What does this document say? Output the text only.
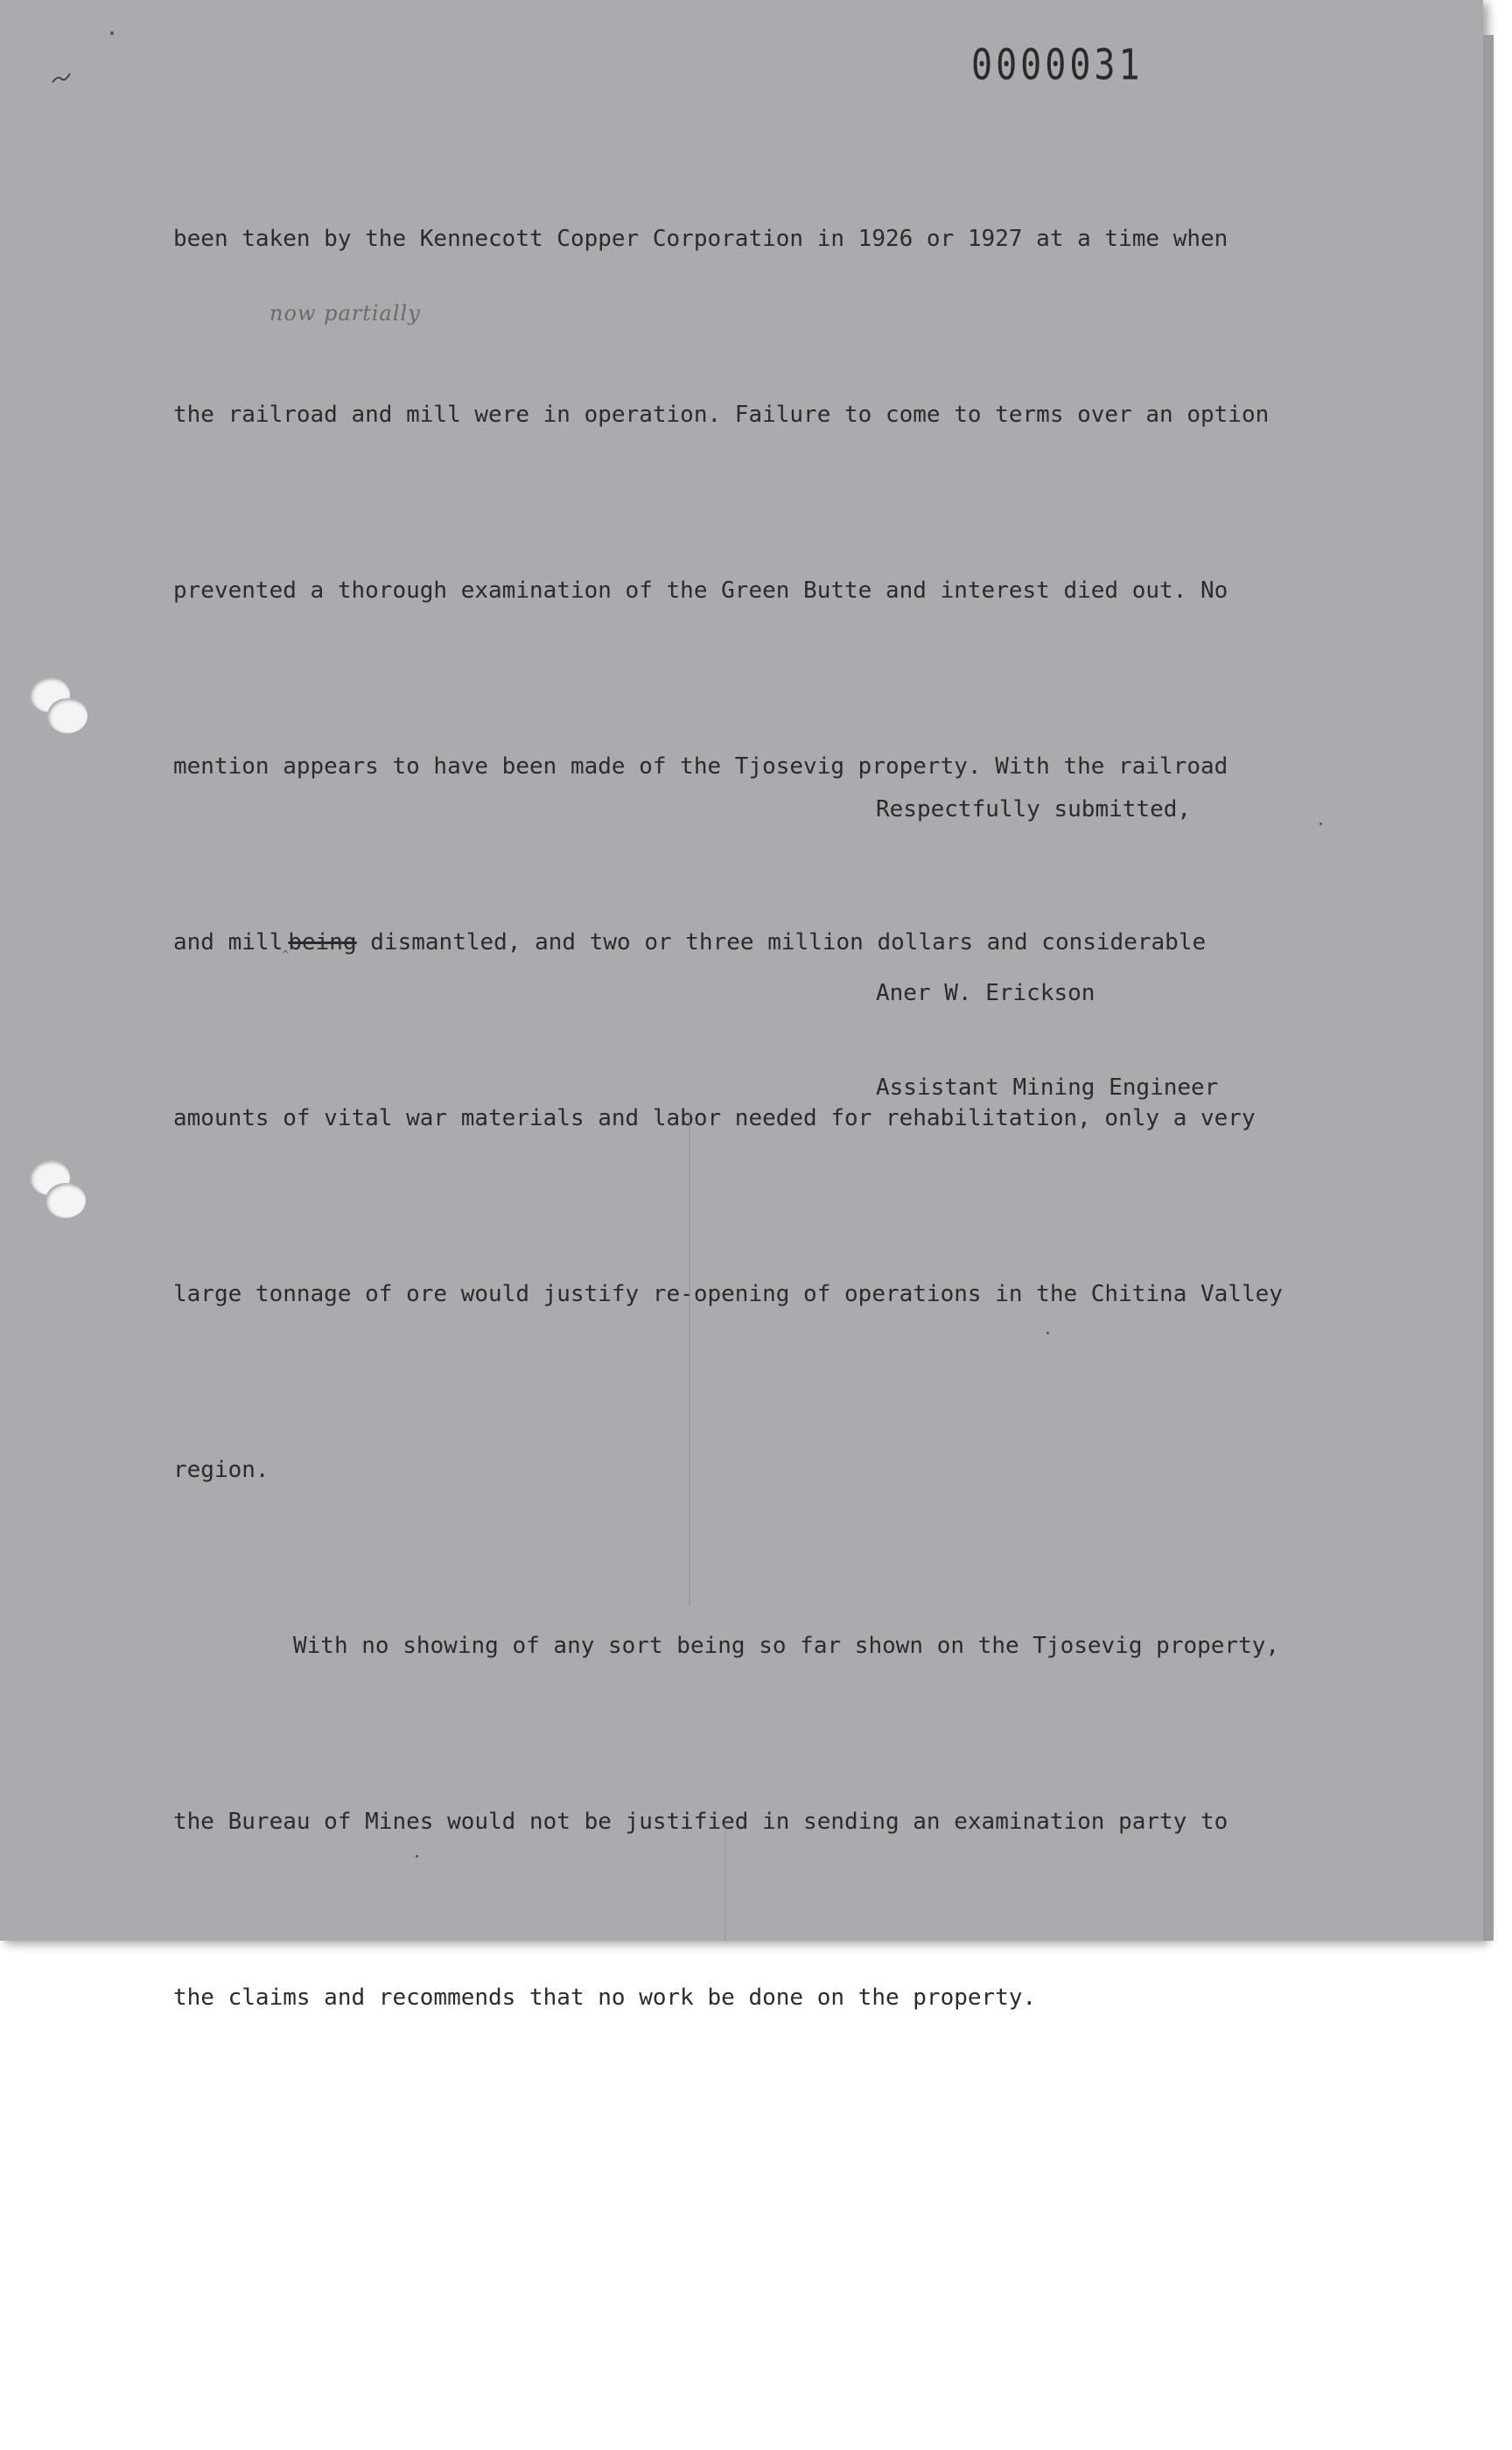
0000031

been taken by the Kennecott Copper Corporation in 1926 or 1927 at a time when

the railroad and mill were in operation. Failure to come to terms over an option

prevented a thorough examination of the Green Butte and interest died out. No

mention appears to have been made of the Tjosevig property. With the railroad

and mill‸being dismantled, and two or three million dollars and considerable

amounts of vital war materials and labor needed for rehabilitation, only a very

large tonnage of ore would justify re-opening of operations in the Chitina Valley

region.

With no showing of any sort being so far shown on the Tjosevig property,

the Bureau of Mines would not be justified in sending an examination party to

the claims and recommends that no work be done on the property.

now partially
Respectfully submitted,

Aner W. Erickson

Assistant Mining Engineer
